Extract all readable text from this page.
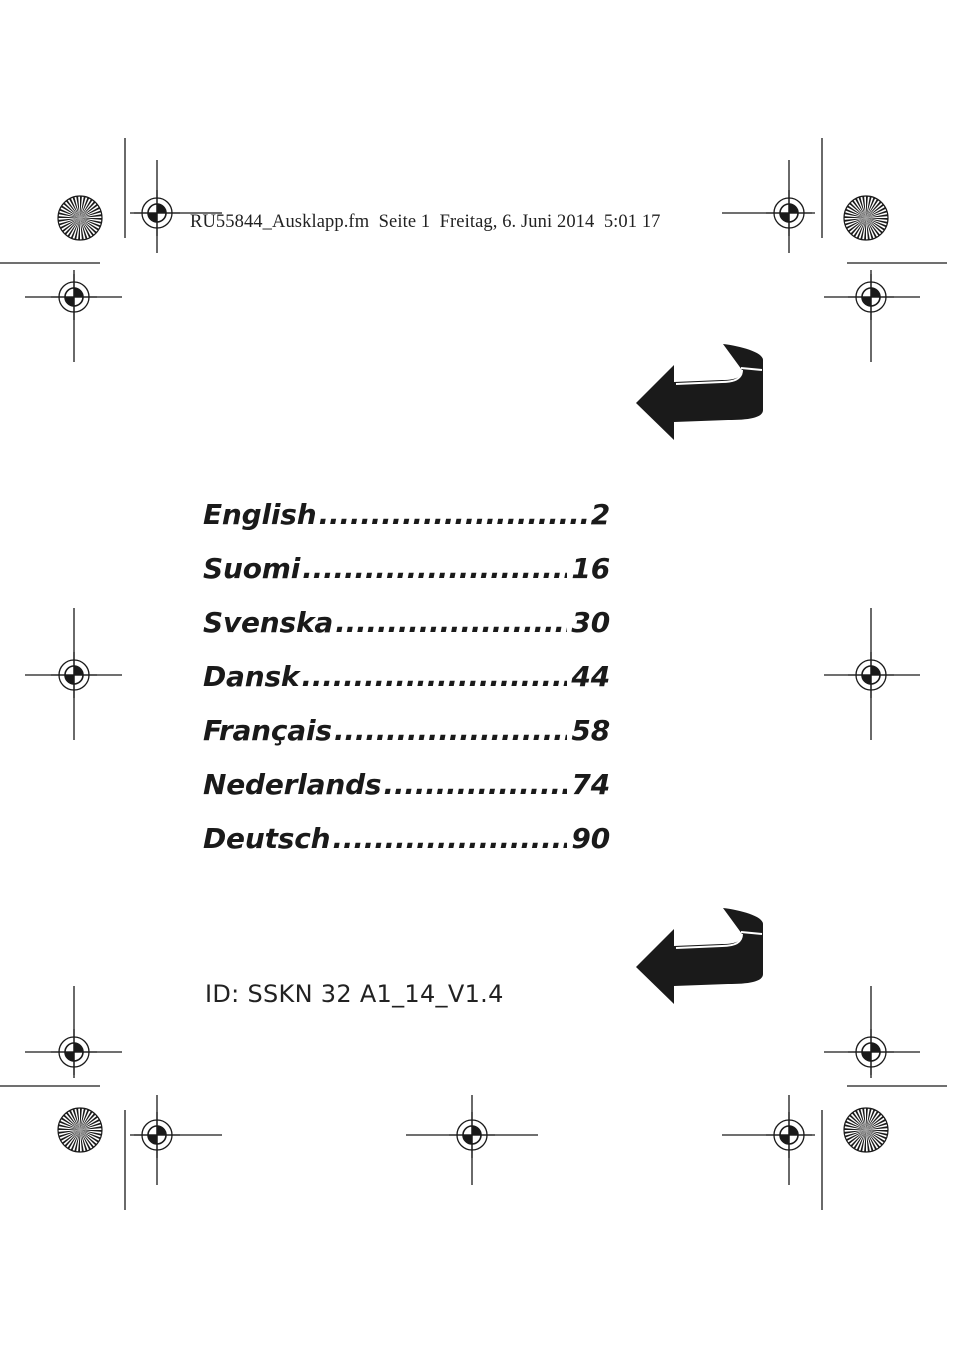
RU55844_Ausklapp.fm  Seite 1  Freitag, 6. Juni 2014  5:01 17

English .....	2
Suomi .....	16
Svenska .....	30
Dansk .....	44
Français .....	58
Nederlands .....	74
Deutsch .....	90

ID: SSKN 32 A1_14_V1.4
